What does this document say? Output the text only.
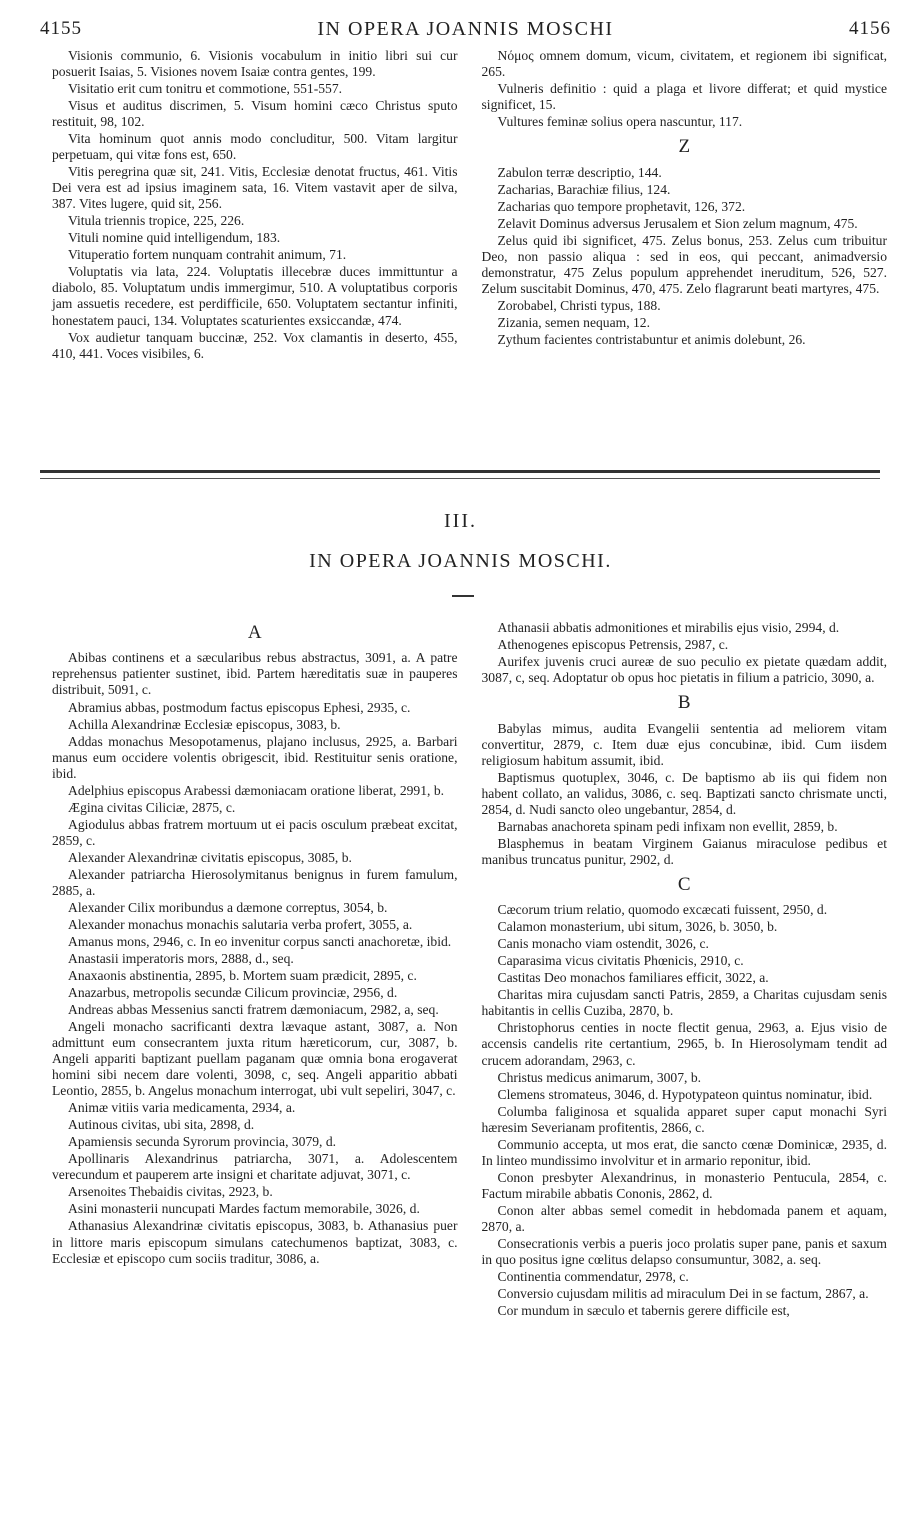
4155	IN OPERA JOANNIS MOSCHI	4156
Visionis communio, 6. Visionis vocabulum in initio libri sui cur posuerit Isaias, 5. Visiones novem Isaiæ contra gentes, 199.
Visitatio erit cum tonitru et commotione, 551-557.
Visus et auditus discrimen, 5. Visum homini cæco Christus sputo restituit, 98, 102.
Vita hominum quot annis modo concluditur, 500. Vitam largitur perpetuam, qui vitæ fons est, 650.
Vitis peregrina quæ sit, 241. Vitis, Ecclesiæ denotat fructus, 461. Vitis Dei vera est ad ipsius imaginem sata, 16. Vitem vastavit aper de silva, 387. Vites lugere, quid sit, 256.
Vitula triennis tropice, 225, 226.
Vituli nomine quid intelligendum, 183.
Vituperatio fortem nunquam contrahit animum, 71.
Voluptatis via lata, 224. Voluptatis illecebræ duces immittuntur a diabolo, 85. Voluptatum undis immergimur, 510. A voluptatibus corporis jam assuetis recedere, est perdifficile, 650. Voluptatem sectantur infiniti, honestatem pauci, 134. Voluptates scaturientes exsiccandæ, 474.
Vox audietur tanquam buccinæ, 252. Vox clamantis in deserto, 455, 410, 441. Voces visibiles, 6.
Νόμος omnem domum, vicum, civitatem, et regionem ibi significat, 265.
Vulneris definitio : quid a plaga et livore differat; et quid mystice significet, 15.
Vultures feminæ solius opera nascuntur, 117.
Z
Zabulon terræ descriptio, 144.
Zacharias, Barachiæ filius, 124.
Zacharias quo tempore prophetavit, 126, 372.
Zelavit Dominus adversus Jerusalem et Sion zelum magnum, 475.
Zelus quid ibi significet, 475. Zelus bonus, 253. Zelus cum tribuitur Deo, non passio aliqua : sed in eos, qui peccant, animadversio demonstratur, 475 Zelus populum apprehendet ineruditum, 526, 527. Zelum suscitabit Dominus, 470, 475. Zelo flagrarunt beati martyres, 475.
Zorobabel, Christi typus, 188.
Zizania, semen nequam, 12.
Zythum facientes contristabuntur et animis dolebunt, 26.
III.
IN OPERA JOANNIS MOSCHI.
A
Abibas continens et a sæcularibus rebus abstractus, 3091, a. A patre reprehensus patienter sustinet, ibid. Partem hæreditatis suæ in pauperes distribuit, 5091, c.
Abramius abbas, postmodum factus episcopus Ephesi, 2935, c.
Achilla Alexandrinæ Ecclesiæ episcopus, 3083, b.
Addas monachus Mesopotamenus, plajano inclusus, 2925, a. Barbari manus eum occidere volentis obrigescit, ibid. Restituitur senis oratione, ibid.
Adelphius episcopus Arabessi dæmoniacam oratione liberat, 2991, b.
Ægina civitas Ciliciæ, 2875, c.
Agiodulus abbas fratrem mortuum ut ei pacis osculum præbeat excitat, 2859, c.
Alexander Alexandrinæ civitatis episcopus, 3085, b.
Alexander patriarcha Hierosolymitanus benignus in furem famulum, 2885, a.
Alexander Cilix moribundus a dæmone correptus, 3054, b.
Alexander monachus monachis salutaria verba profert, 3055, a.
Amanus mons, 2946, c. In eo invenitur corpus sancti anachoretæ, ibid.
Anastasii imperatoris mors, 2888, d., seq.
Anaxaonis abstinentia, 2895, b. Mortem suam prædicit, 2895, c.
Anazarbus, metropolis secundæ Cilicum provinciæ, 2956, d.
Andreas abbas Messenius sancti fratrem dæmoniacum, 2982, a, seq.
Angeli monacho sacrificanti dextra lævaque astant, 3087, a. Non admittunt eum consecrantem juxta ritum hæreticorum, cur, 3087, b. Angeli appariti baptizant puellam paganam quæ omnia bona erogaverat homini sibi necem dare volenti, 3098, c, seq. Angeli apparitio abbati Leontio, 2855, b. Angelus monachum interrogat, ubi vult sepeliri, 3047, c.
Animæ vitiis varia medicamenta, 2934, a.
Autinous civitas, ubi sita, 2898, d.
Apamiensis secunda Syrorum provincia, 3079, d.
Apollinaris Alexandrinus patriarcha, 3071, a. Adolescentem verecundum et pauperem arte insigni et charitate adjuvat, 3071, c.
Arsenoites Thebaidis civitas, 2923, b.
Asini monasterii nuncupati Mardes factum memorabile, 3026, d.
Athanasius Alexandrinæ civitatis episcopus, 3083, b. Athanasius puer in littore maris episcopum simulans catechumenos baptizat, 3083, c. Ecclesiæ et episcopo cum sociis traditur, 3086, a.
Athanasii abbatis admonitiones et mirabilis ejus visio, 2994, d.
Athenogenes episcopus Petrensis, 2987, c.
Aurifex juvenis cruci aureæ de suo peculio ex pietate quædam addit, 3087, c, seq. Adoptatur ob opus hoc pietatis in filium a patricio, 3090, a.
B
Babylas mimus, audita Evangelii sententia ad meliorem vitam convertitur, 2879, c. Item duæ ejus concubinæ, ibid. Cum iisdem religiosum habitum assumit, ibid.
Baptismus quotuplex, 3046, c. De baptismo ab iis qui fidem non habent collato, an validus, 3086, c. seq. Baptizati sancto chrismate uncti, 2854, d. Nudi sancto oleo ungebantur, 2854, d.
Barnabas anachoreta spinam pedi infixam non evellit, 2859, b.
Blasphemus in beatam Virginem Gaianus miraculose pedibus et manibus truncatus punitur, 2902, d.
C
Cæcorum trium relatio, quomodo excæcati fuissent, 2950, d.
Calamon monasterium, ubi situm, 3026, b. 3050, b.
Canis monacho viam ostendit, 3026, c.
Caparasima vicus civitatis Phœnicis, 2910, c.
Castitas Deo monachos familiares efficit, 3022, a.
Charitas mira cujusdam sancti Patris, 2859, a Charitas cujusdam senis habitantis in cellis Cuziba, 2870, b.
Christophorus centies in nocte flectit genua, 2963, a. Ejus visio de accensis candelis rite certantium, 2965, b. In Hierosolymam tendit ad crucem adorandam, 2963, c.
Christus medicus animarum, 3007, b.
Clemens stromateus, 3046, d. Hypotypateon quintus nominatur, ibid.
Columba faliginosa et squalida apparet super caput monachi Syri hæresim Severianam profitentis, 2866, c.
Communio accepta, ut mos erat, die sancto cœnæ Dominicæ, 2935, d. In linteo mundissimo involvitur et in armario reponitur, ibid.
Conon presbyter Alexandrinus, in monasterio Pentucula, 2854, c. Factum mirabile abbatis Cononis, 2862, d.
Conon alter abbas semel comedit in hebdomada panem et aquam, 2870, a.
Consecrationis verbis a pueris joco prolatis super pane, panis et saxum in quo positus igne cœlitus delapso consumuntur, 3082, a. seq.
Continentia commendatur, 2978, c.
Conversio cujusdam militis ad miraculum Dei in se factum, 2867, a.
Cor mundum in sæculo et tabernis gerere difficile est,
